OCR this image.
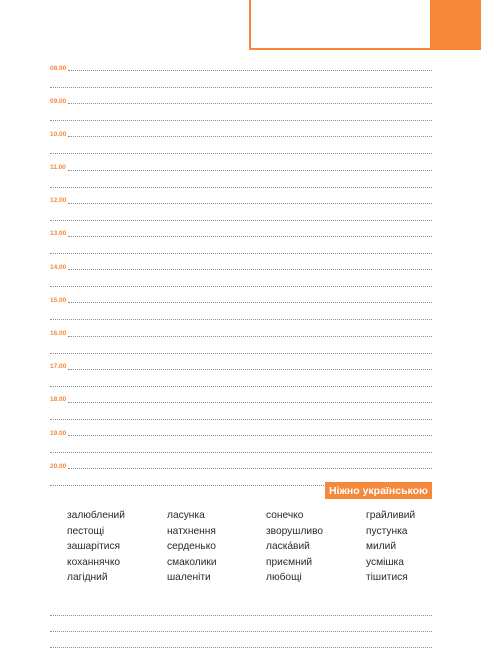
08.00
09.00
10.00
11.00
12.00
13.00
14.00
15.00
16.00
17.00
18.00
19.00
20.00
Ніжно українською
залюблений	ласунка	сонечко	грайливий
пестощі	натхнення	зворушливо	пустунка
зашарітися	серденько	ласка́вий	милий
коханнячко	смаколики	приємний	усмішка
лагідний	шаленіти	любощі	тішитися
